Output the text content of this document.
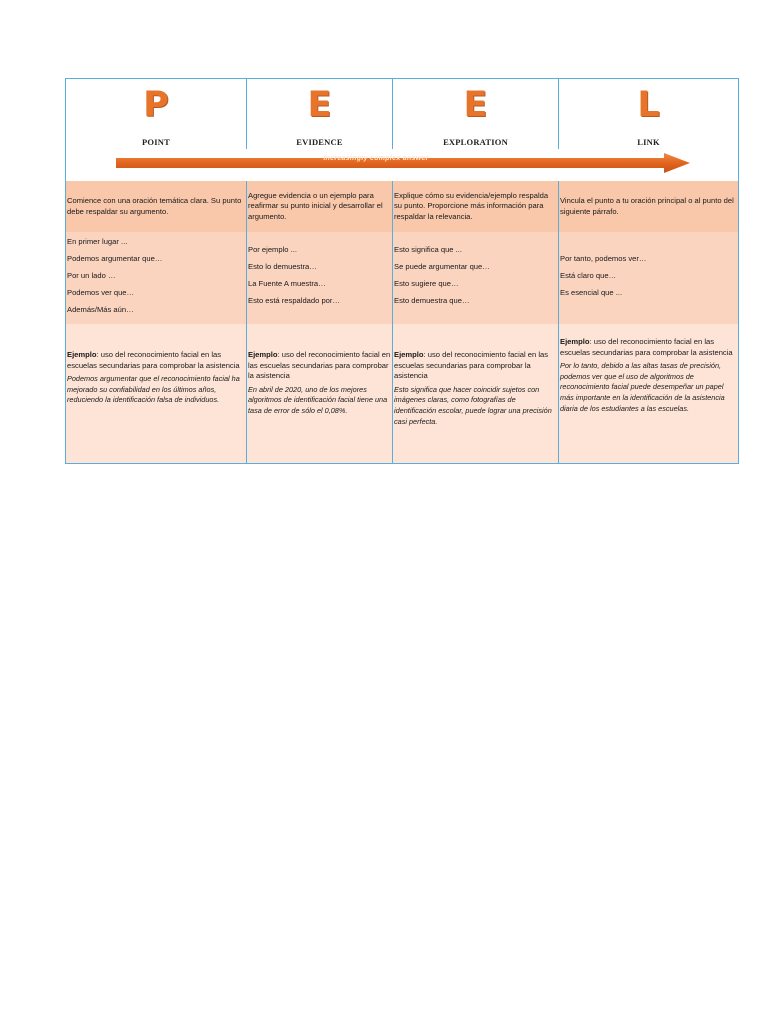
P
POINT
E
EVIDENCE
E
EXPLORATION
L
LINK
Increasingly complex answer
Comience con una oración temática clara. Su punto debe respaldar su argumento.
Agregue evidencia o un ejemplo para reafirmar su punto inicial y desarrollar el argumento.
Explique cómo su evidencia/ejemplo respalda su punto. Proporcione más información para respaldar la relevancia.
Vincula el punto a tu oración principal o al punto del siguiente párrafo.
En primer lugar ...
Podemos argumentar que…
Por un lado …
Podemos ver que…
Además/Más aún…
Por ejemplo ...
Esto lo demuestra…
La Fuente A muestra…
Esto está respaldado por…
Esto significa que ...
Se puede argumentar que…
Esto sugiere que…
Esto demuestra que…
Por tanto, podemos ver…
Está claro que…
Es esencial que ...
Ejemplo: uso del reconocimiento facial en las escuelas secundarias para comprobar la asistencia
Podemos argumentar que el reconocimiento facial ha mejorado su confiabilidad en los últimos años, reduciendo la identificación falsa de individuos.
Ejemplo: uso del reconocimiento facial en las escuelas secundarias para comprobar la asistencia
En abril de 2020, uno de los mejores algoritmos de identificación facial tiene una tasa de error de sólo el 0,08%.
Ejemplo: uso del reconocimiento facial en las escuelas secundarias para comprobar la asistencia
Esto significa que hacer coincidir sujetos con imágenes claras, como fotografías de identificación escolar, puede lograr una precisión casi perfecta.
Ejemplo: uso del reconocimiento facial en las escuelas secundarias para comprobar la asistencia
Por lo tanto, debido a las altas tasas de precisión, podemos ver que el uso de algoritmos de reconocimiento facial puede desempeñar un papel más importante en la identificación de la asistencia diaria de los estudiantes a las escuelas.
